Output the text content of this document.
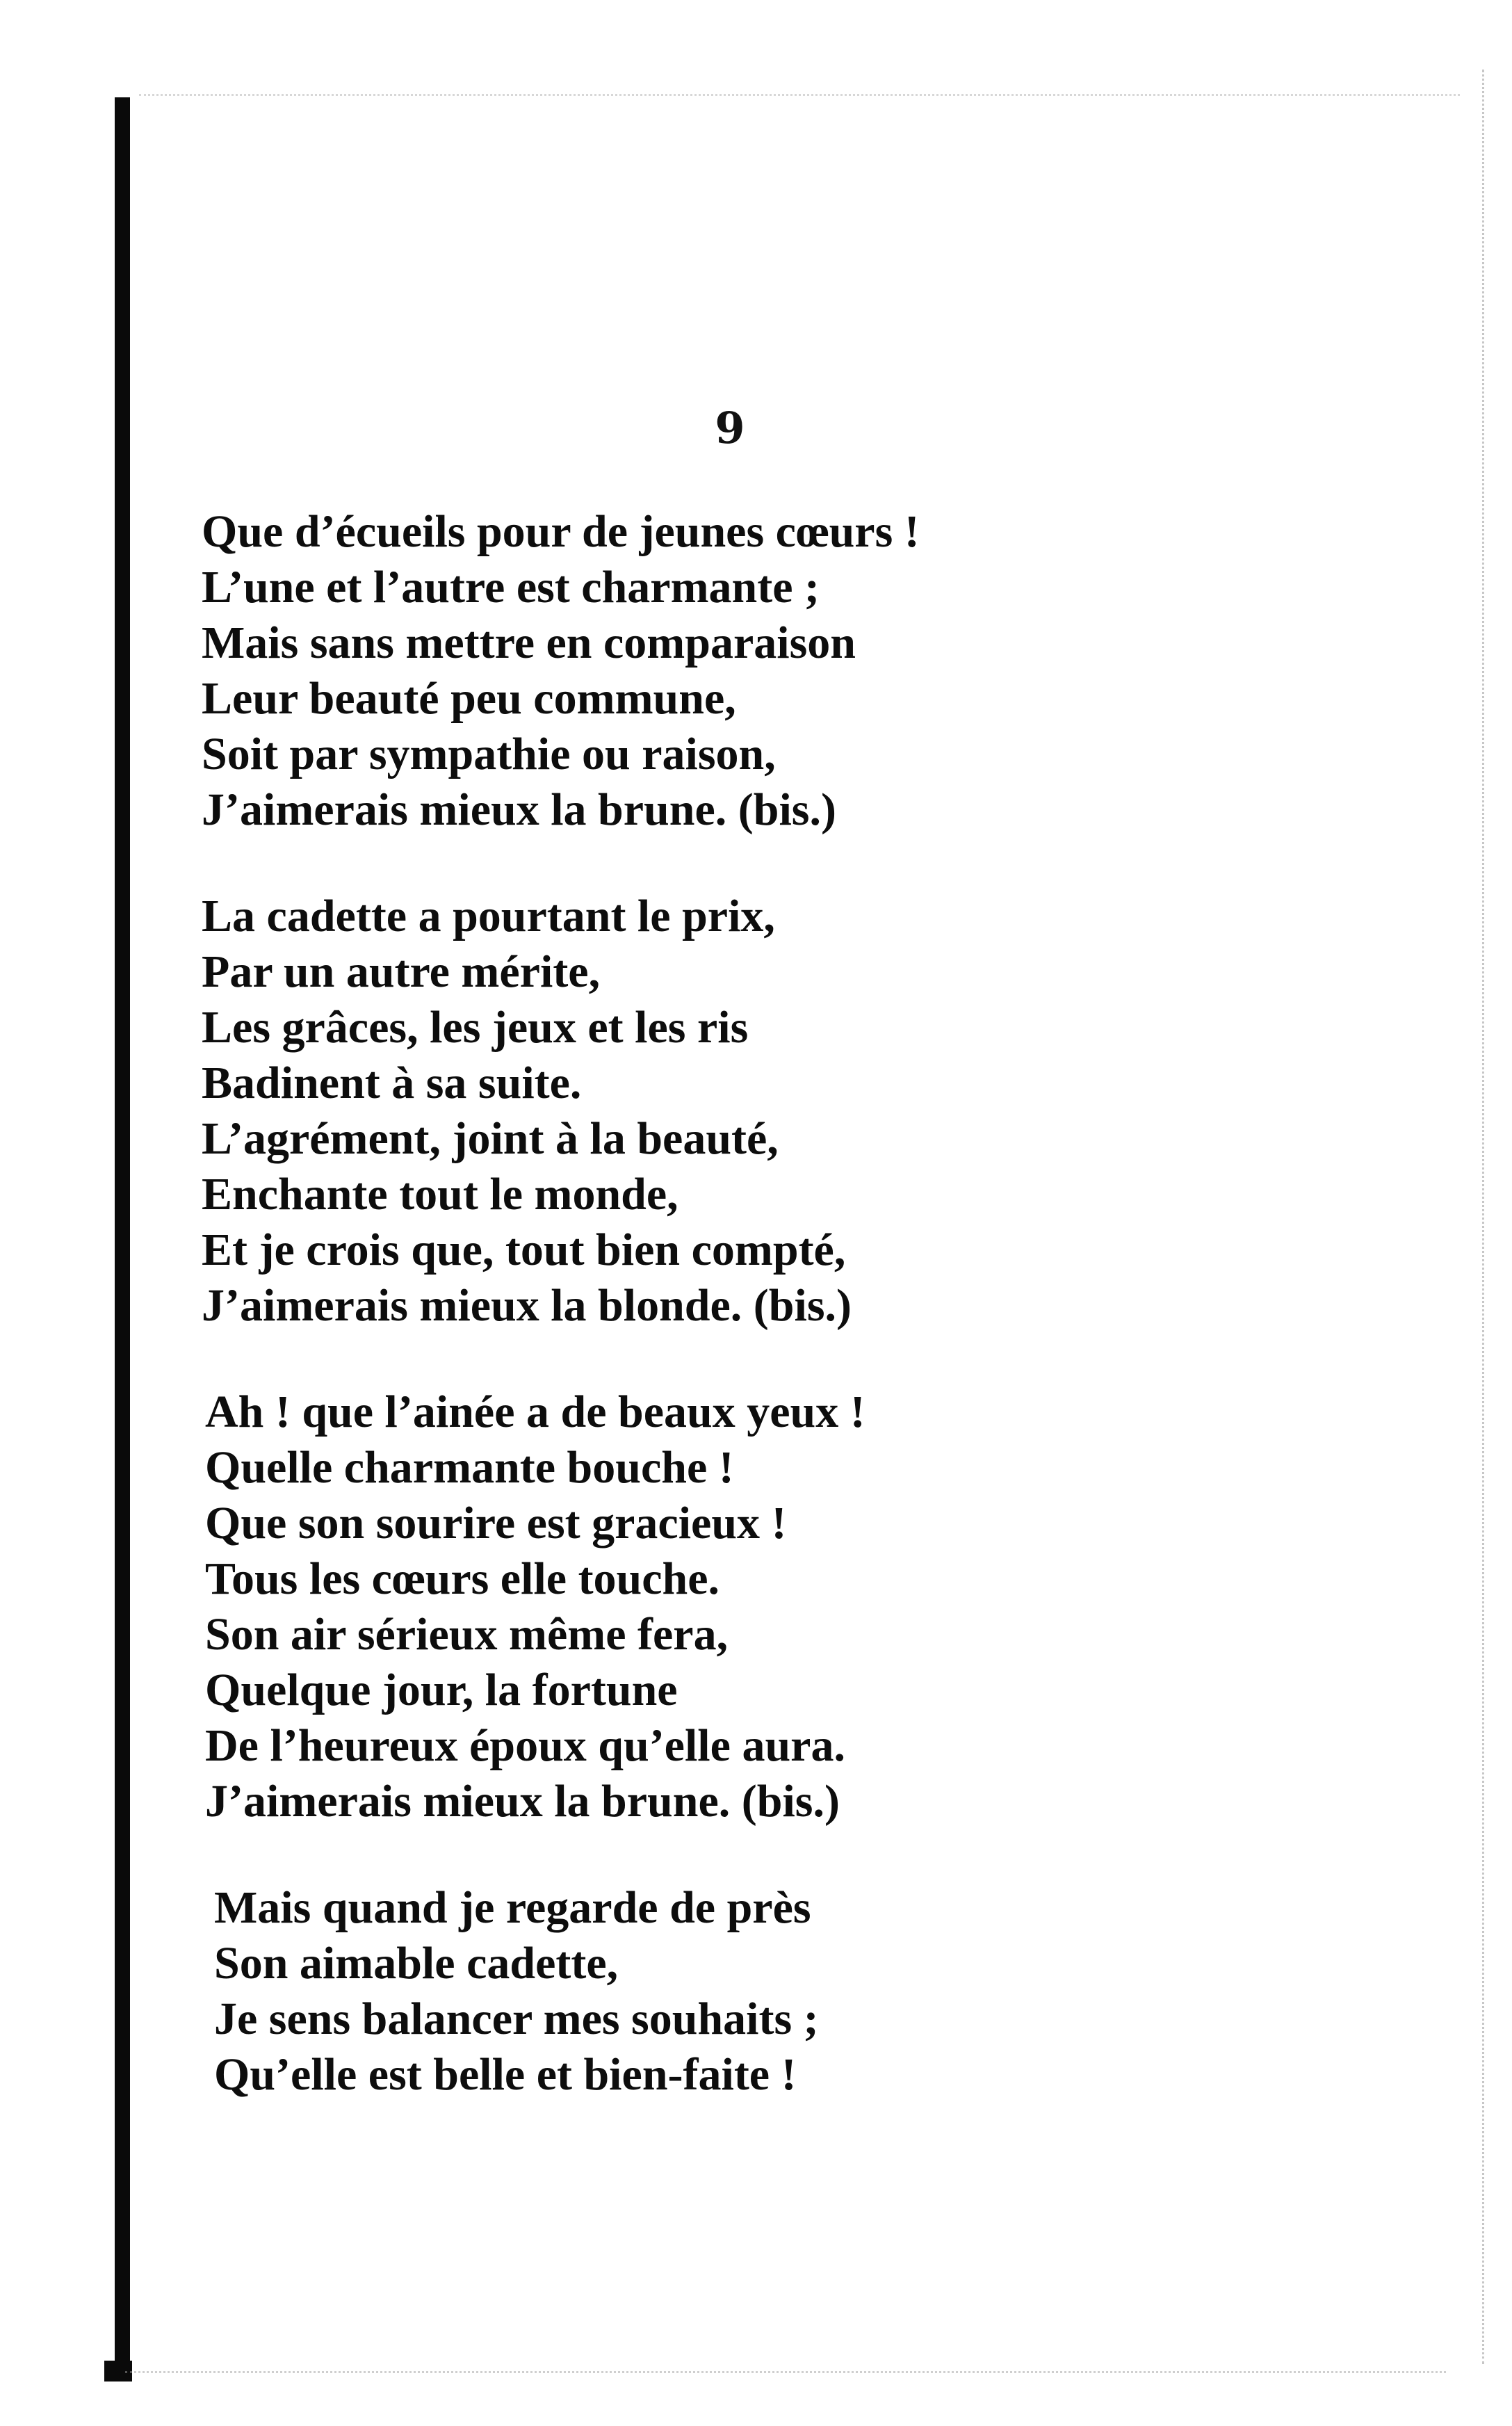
9
Que d’écueils pour de jeunes cœurs !
L’une et l’autre est charmante ;
Mais sans mettre en comparaison
Leur beauté peu commune,
Soit par sympathie ou raison,
J’aimerais mieux la brune. (bis.)
La cadette a pourtant le prix,
Par un autre mérite,
Les grâces, les jeux et les ris
Badinent à sa suite.
L’agrément, joint à la beauté,
Enchante tout le monde,
Et je crois que, tout bien compté,
J’aimerais mieux la blonde. (bis.)
Ah ! que l’ainée a de beaux yeux !
Quelle charmante bouche !
Que son sourire est gracieux !
Tous les cœurs elle touche.
Son air sérieux même fera,
Quelque jour, la fortune
De l’heureux époux qu’elle aura.
J’aimerais mieux la brune. (bis.)
Mais quand je regarde de près
Son aimable cadette,
Je sens balancer mes souhaits ;
Qu’elle est belle et bien-faite !
